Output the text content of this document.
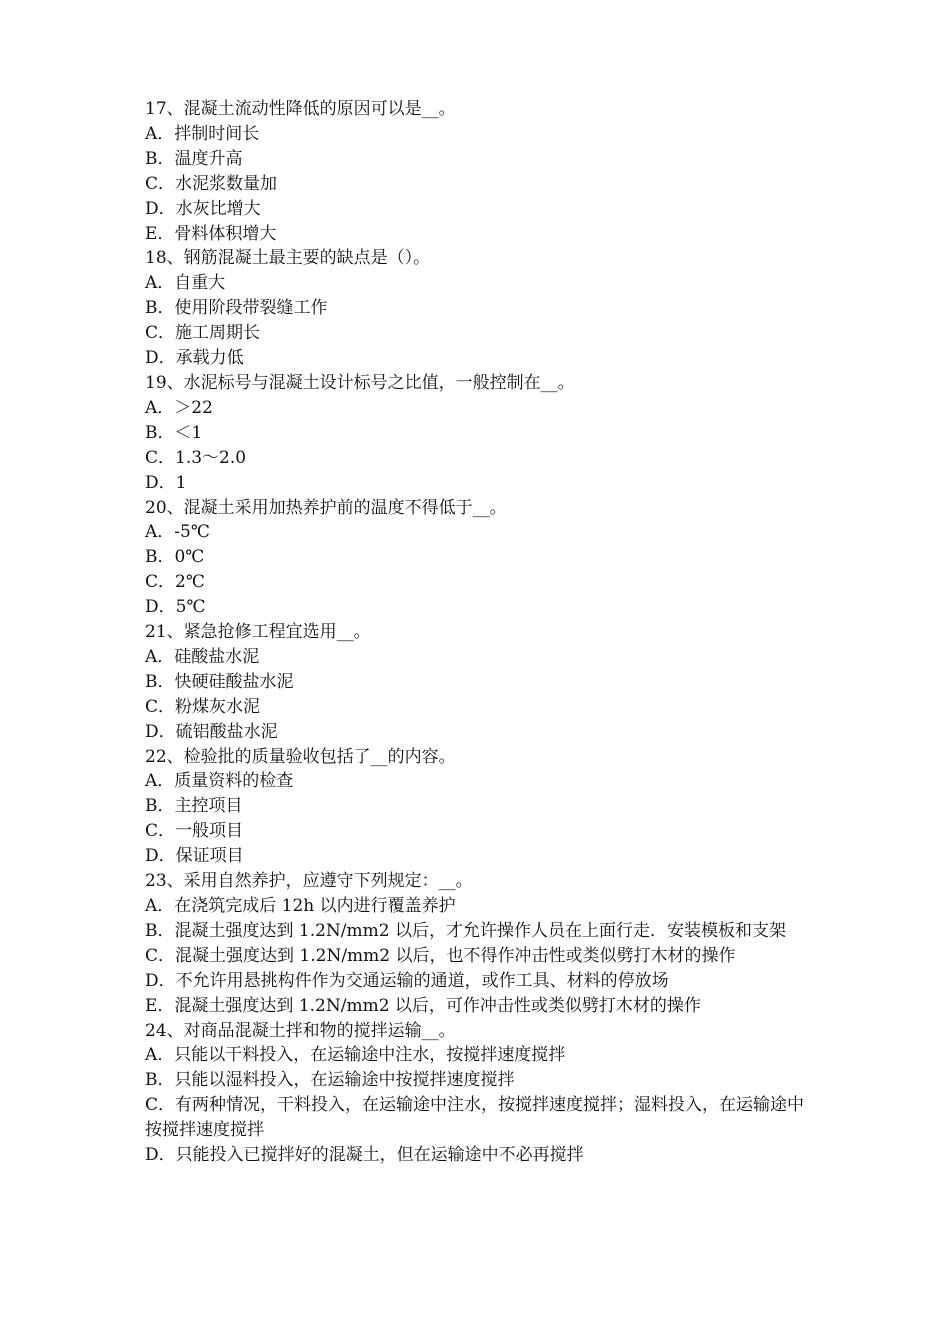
17、混凝土流动性降低的原因可以是__。

A．拌制时间长

B．温度升高

C．水泥浆数量加

D．水灰比增大

E．骨料体积增大

18、钢筋混凝土最主要的缺点是（）。

A．自重大

B．使用阶段带裂缝工作

C．施工周期长

D．承载力低

19、水泥标号与混凝土设计标号之比值，一般控制在__。

A．＞22

B．＜1

C．1.3～2.0

D．1

20、混凝土采用加热养护前的温度不得低于__。

A．-5℃

B．0℃

C．2℃

D．5℃

21、紧急抢修工程宜选用__。

A．硅酸盐水泥

B．快硬硅酸盐水泥

C．粉煤灰水泥

D．硫铝酸盐水泥

22、检验批的质量验收包括了__的内容。

A．质量资料的检查

B．主控项目

C．一般项目

D．保证项目

23、采用自然养护，应遵守下列规定：__。

A．在浇筑完成后 12h 以内进行覆盖养护

B．混凝土强度达到 1.2N/mm2 以后，才允许操作人员在上面行走．安装模板和支架

C．混凝土强度达到 1.2N/mm2 以后，也不得作冲击性或类似劈打木材的操作

D．不允许用悬挑构件作为交通运输的通道，或作工具、材料的停放场

E．混凝土强度达到 1.2N/mm2 以后，可作冲击性或类似劈打木材的操作

24、对商品混凝土拌和物的搅拌运输__。

A．只能以干料投入，在运输途中注水，按搅拌速度搅拌

B．只能以湿料投入，在运输途中按搅拌速度搅拌

C．有两种情况，干料投入，在运输途中注水，按搅拌速度搅拌；湿料投入，在运输途中按搅拌速度搅拌

D．只能投入已搅拌好的混凝土，但在运输途中不必再搅拌
